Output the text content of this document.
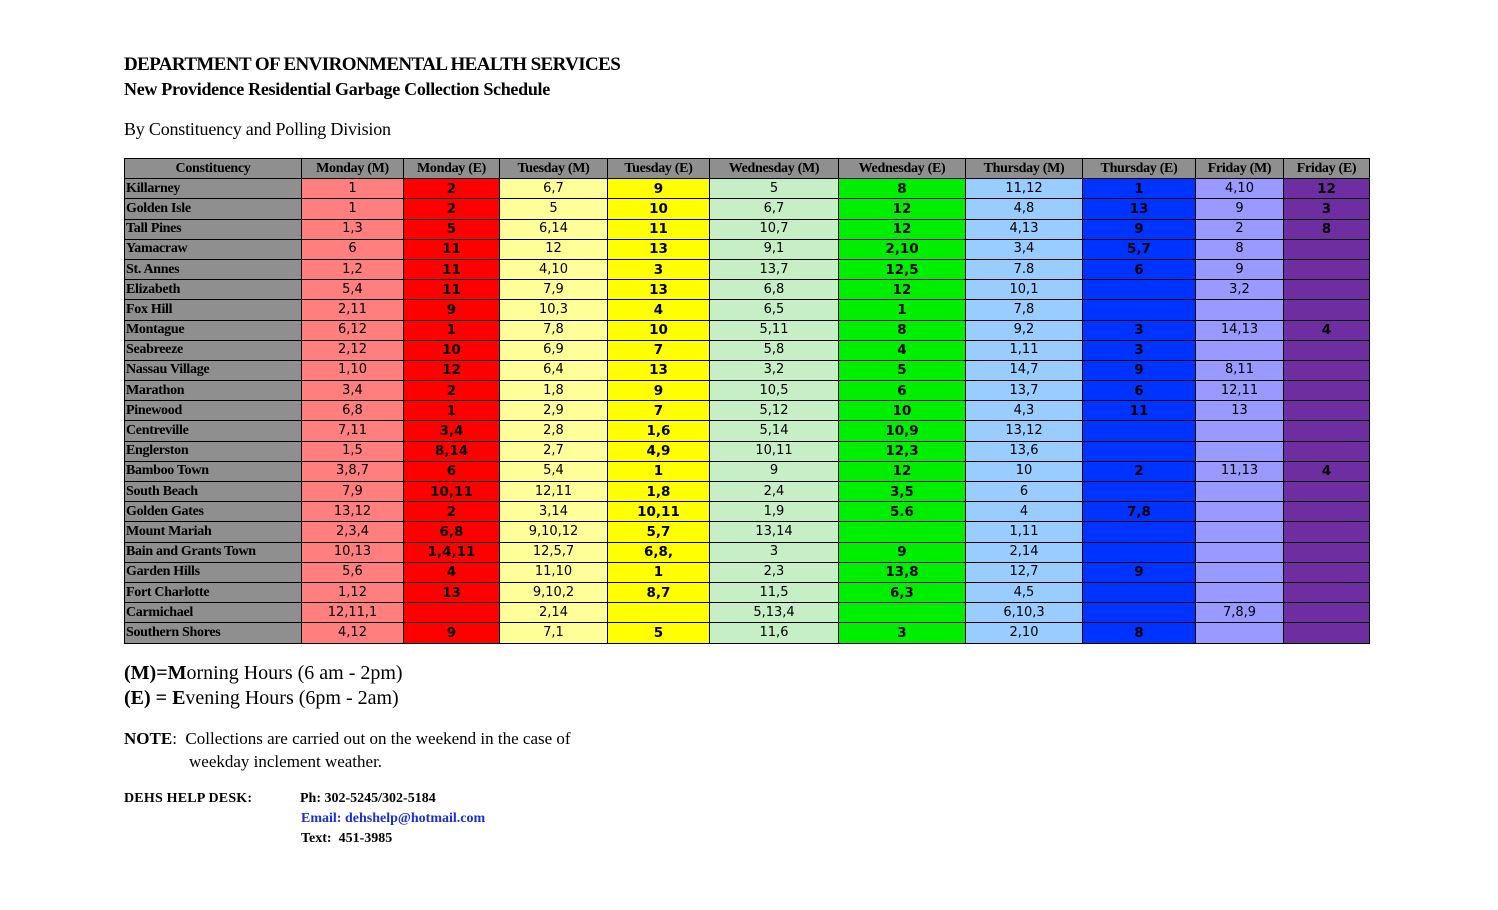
DEPARTMENT OF ENVIRONMENTAL HEALTH SERVICES
New Providence Residential Garbage Collection Schedule
By Constituency and Polling Division
Constituency	Monday (M)	Monday (E)	Tuesday (M)	Tuesday (E)	Wednesday (M)	Wednesday (E)	Thursday (M)	Thursday (E)	Friday (M)	Friday (E)
Killarney	1	2	6,7	9	5	8	11,12	1	4,10	12
Golden Isle	1	2	5	10	6,7	12	4,8	13	9	3
Tall Pines	1,3	5	6,14	11	10,7	12	4,13	9	2	8
Yamacraw	6	11	12	13	9,1	2,10	3,4	5,7	8	
St. Annes	1,2	11	4,10	3	13,7	12,5	7.8	6	9	
Elizabeth	5,4	11	7,9	13	6,8	12	10,1		3,2	
Fox Hill	2,11	9	10,3	4	6,5	1	7,8			
Montague	6,12	1	7,8	10	5,11	8	9,2	3	14,13	4
Seabreeze	2,12	10	6,9	7	5,8	4	1,11	3		
Nassau Village	1,10	12	6,4	13	3,2	5	14,7	9	8,11	
Marathon	3,4	2	1,8	9	10,5	6	13,7	6	12,11	
Pinewood	6,8	1	2,9	7	5,12	10	4,3	11	13	
Centreville	7,11	3,4	2,8	1,6	5,14	10,9	13,12			
Englerston	1,5	8,14	2,7	4,9	10,11	12,3	13,6			
Bamboo Town	3,8,7	6	5,4	1	9	12	10	2	11,13	4
South Beach	7,9	10,11	12,11	1,8	2,4	3,5	6			
Golden Gates	13,12	2	3,14	10,11	1,9	5.6	4	7,8		
Mount Mariah	2,3,4	6,8	9,10,12	5,7	13,14		1,11			
Bain and Grants Town	10,13	1,4,11	12,5,7	6,8,	3	9	2,14			
Garden Hills	5,6	4	11,10	1	2,3	13,8	12,7	9		
Fort Charlotte	1,12	13	9,10,2	8,7	11,5	6,3	4,5			
Carmichael	12,11,1		2,14		5,13,4		6,10,3		7,8,9	
Southern Shores	4,12	9	7,1	5	11,6	3	2,10	8		
(M)=Morning Hours (6 am - 2pm)
(E) = Evening Hours (6pm - 2am)
NOTE:  Collections are carried out on the weekend in the case of
weekday inclement weather.
DEHS HELP DESK:	Ph: 302-5245/302-5184
Email: dehshelp@hotmail.com
Text:  451-3985
